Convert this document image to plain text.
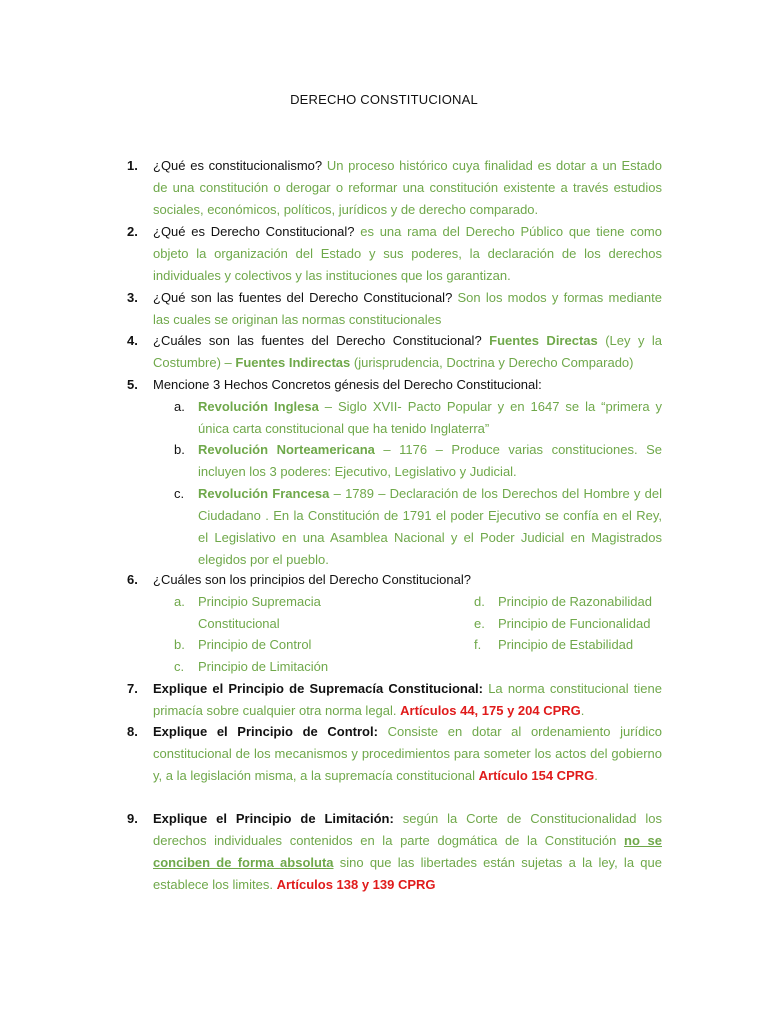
DERECHO CONSTITUCIONAL
1.	¿Qué es constitucionalismo? Un proceso histórico cuya finalidad es dotar a un Estado de una constitución o derogar o reformar una constitución existente a través estudios sociales, económicos, políticos, jurídicos y de derecho comparado.
2.	¿Qué es Derecho Constitucional? es una rama del Derecho Público que tiene como objeto la organización del Estado y sus poderes, la declaración de los derechos individuales y colectivos y las instituciones que los garantizan.
3.	¿Qué son las fuentes del Derecho Constitucional? Son los modos y formas mediante las cuales se originan las normas constitucionales
4.	¿Cuáles son las fuentes del Derecho Constitucional? Fuentes Directas (Ley y la Costumbre) – Fuentes Indirectas (jurisprudencia, Doctrina y Derecho Comparado)
5.	Mencione 3 Hechos Concretos génesis del Derecho Constitucional:
a.	Revolución Inglesa – Siglo XVII- Pacto Popular y en 1647 se la “primera y única carta constitucional que ha tenido Inglaterra”
b.	Revolución Norteamericana – 1176 – Produce varias constituciones. Se incluyen los 3 poderes: Ejecutivo, Legislativo y Judicial.
c.	Revolución Francesa – 1789 – Declaración de los Derechos del Hombre y del Ciudadano . En la Constitución de 1791 el poder Ejecutivo se confía en el Rey, el Legislativo en una Asamblea Nacional y el Poder Judicial en Magistrados elegidos por el pueblo.
6.	¿Cuáles son los principios del Derecho Constitucional?
a. Principio Supremacia
Constitucional
b. Principio de Control
c. Principio de Limitación
d. Principio de Razonabilidad
e. Principio de Funcionalidad
f. Principio de Estabilidad
7.	Explique el Principio de Supremacía Constitucional: La norma constitucional tiene primacía sobre cualquier otra norma legal. Artículos 44, 175 y 204 CPRG.
8.	Explique el Principio de Control: Consiste en dotar al ordenamiento jurídico constitucional de los mecanismos y procedimientos para someter los actos del gobierno y, a la legislación misma, a la supremacía constitucional Artículo 154 CPRG.
9.	Explique el Principio de Limitación: según la Corte de Constitucionalidad los derechos individuales contenidos en la parte dogmática de la Constitución no se conciben de forma absoluta sino que las libertades están sujetas a la ley, la que establece los limites. Artículos 138 y 139 CPRG
